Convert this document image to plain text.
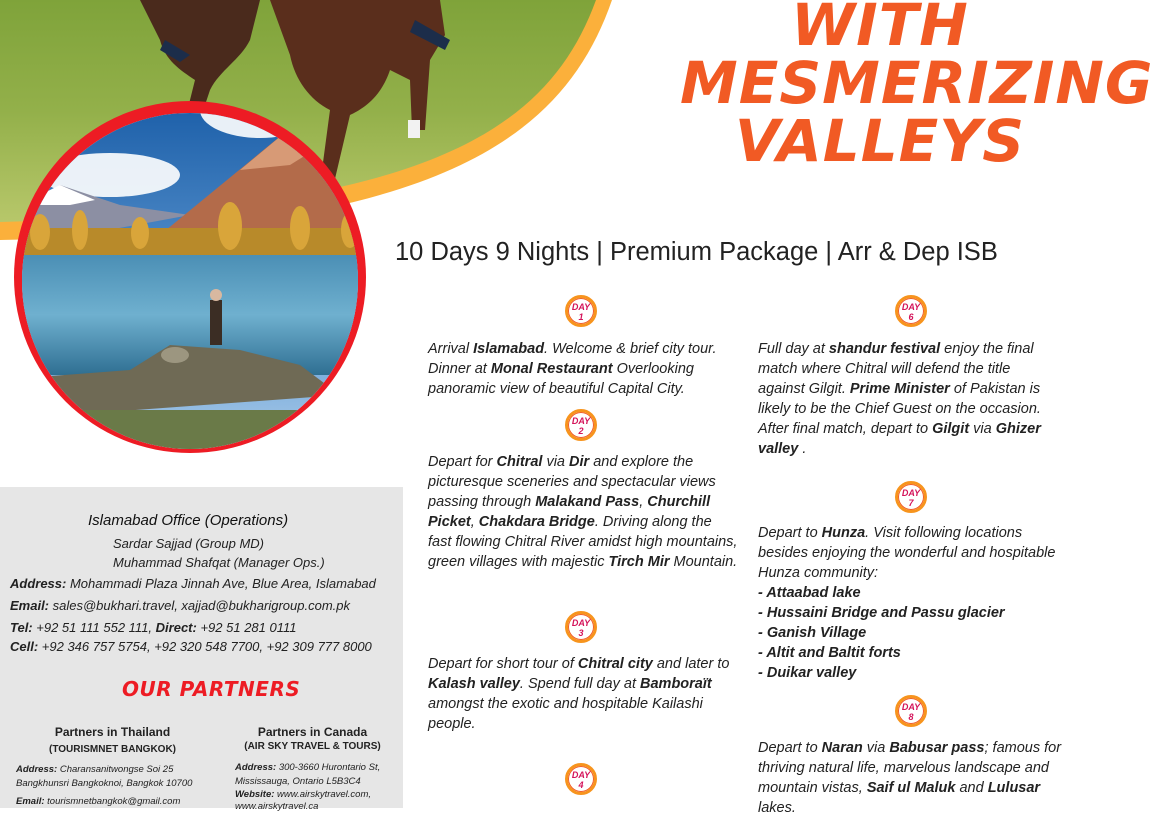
WITH
MESMERIZING
VALLEYS
10 Days 9 Nights | Premium Package | Arr & Dep ISB
DAY
1
DAY
2
DAY
3
DAY
4
DAY
6
DAY
7
DAY
8
Arrival Islamabad. Welcome & brief city tour. Dinner at Monal Restaurant Overlooking panoramic view of beautiful Capital City.
Depart for Chitral via Dir and explore the picturesque sceneries and spectacular views passing through Malakand Pass, Churchill Picket, Chakdara Bridge. Driving along the fast flowing Chitral River amidst high mountains, green villages with majestic Tirch Mir Mountain.
Depart for short tour of Chitral city and later to Kalash valley. Spend full day at Bamboraït amongst the exotic and hospitable Kailashi people.
Full day at shandur festival enjoy the final match where Chitral will defend the title against Gilgit. Prime Minister of Pakistan is likely to be the Chief Guest on the occasion. After final match, depart to Gilgit via Ghizer valley .
Depart to Hunza. Visit following locations besides enjoying the wonderful and hospitable Hunza community:
- Attaabad lake
- Hussaini Bridge and Passu glacier
- Ganish Village
- Altit and Baltit forts
- Duikar valley
Depart to Naran via Babusar pass; famous for thriving natural life, marvelous landscape and mountain vistas, Saif ul Maluk and Lulusar lakes.
Islamabad Office (Operations)
Sardar Sajjad (Group MD)
Muhammad Shafqat (Manager Ops.)
Address: Mohammadi Plaza Jinnah Ave, Blue Area, Islamabad
Email: sales@bukhari.travel, xajjad@bukharigroup.com.pk
Tel: +92 51 111 552 111, Direct: +92 51 281 0111
Cell: +92 346 757 5754, +92 320 548 7700, +92 309 777 8000
OUR PARTNERS
Partners in Thailand
(TOURISMNET BANGKOK)
Address: Charansanitwongse Soi 25
Bangkhunsri Bangkoknoi, Bangkok 10700
Email: tourismnetbangkok@gmail.com
Partners in Canada
(AIR SKY TRAVEL & TOURS)
Address: 300-3660 Hurontario St,
Mississauga, Ontario L5B3C4
Website: www.airskytravel.com,
www.airskytravel.ca
